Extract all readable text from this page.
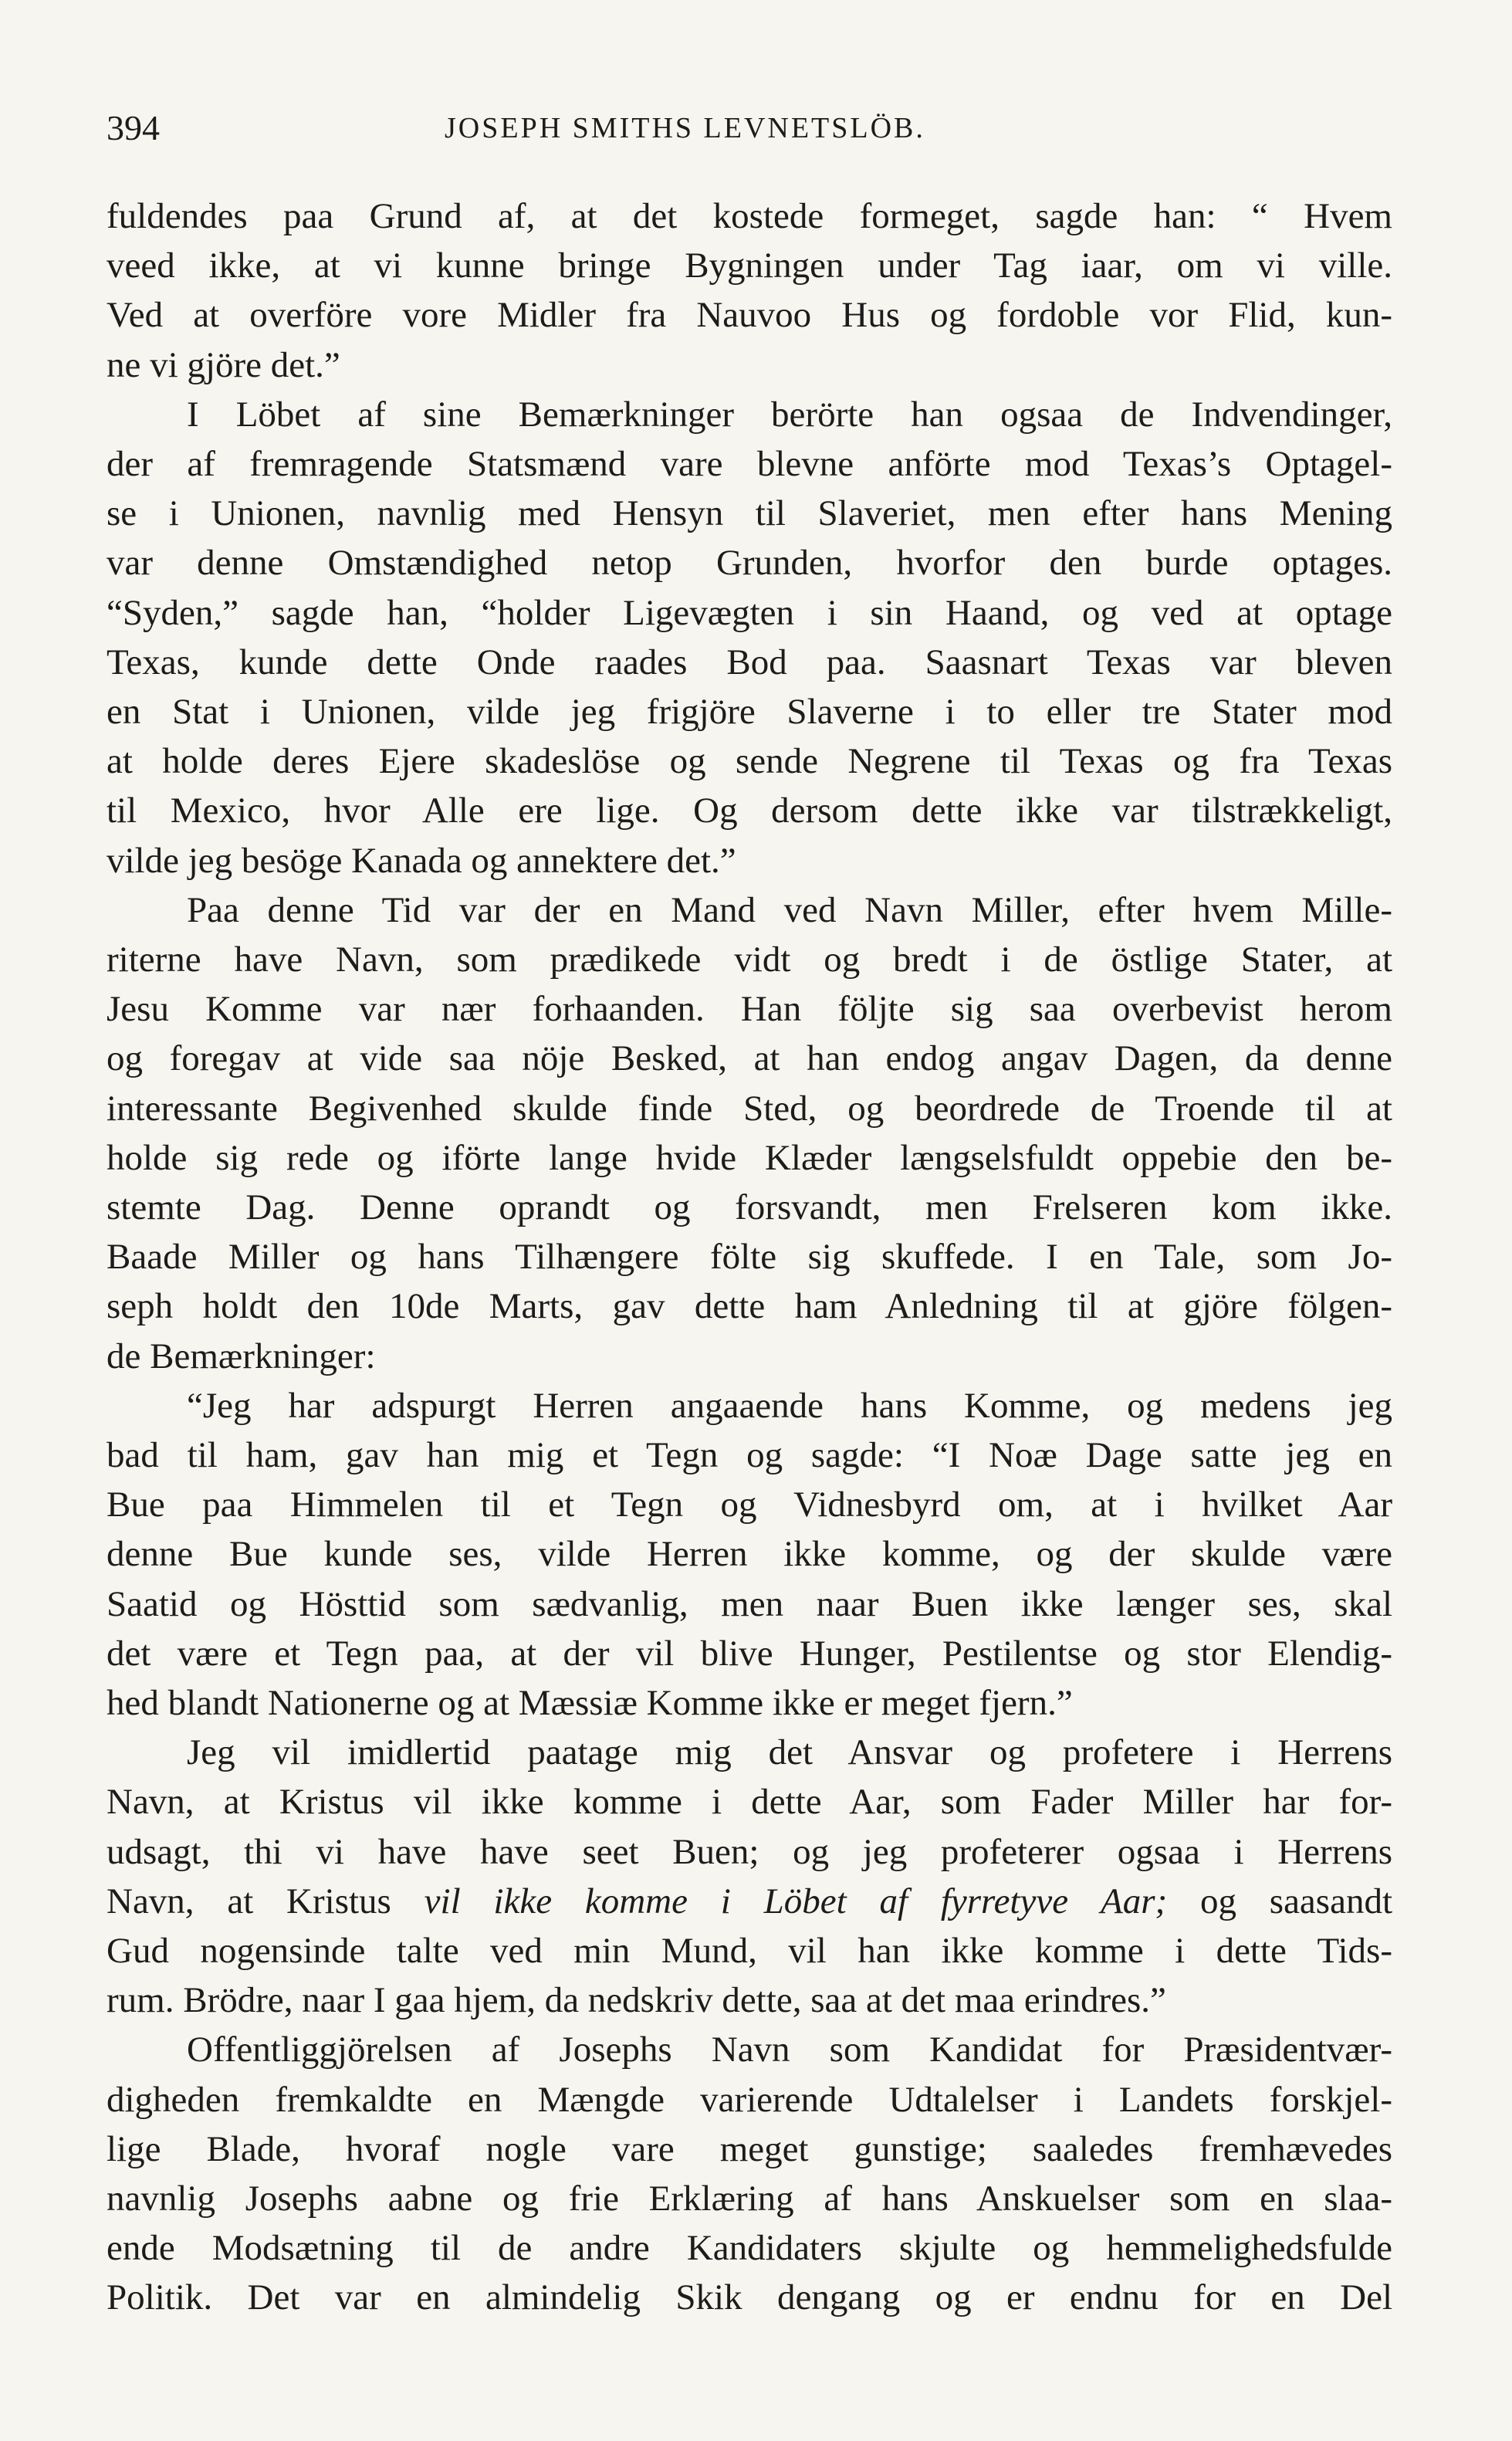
394	JOSEPH SMITHS LEVNETSLÖB.
fuldendes paa Grund af, at det kostede formeget, sagde han: “ Hvem
veed ikke, at vi kunne bringe Bygningen under Tag iaar, om vi ville.
Ved at overföre vore Midler fra Nauvoo Hus og fordoble vor Flid, kun-
ne vi gjöre det.”
I Löbet af sine Bemærkninger berörte han ogsaa de Indvendinger,
der af fremragende Statsmænd vare blevne anförte mod Texas’s Optagel-
se i Unionen, navnlig med Hensyn til Slaveriet, men efter hans Mening
var denne Omstændighed netop Grunden, hvorfor den burde optages.
“Syden,” sagde han, “holder Ligevægten i sin Haand, og ved at optage
Texas, kunde dette Onde raades Bod paa. Saasnart Texas var bleven
en Stat i Unionen, vilde jeg frigjöre Slaverne i to eller tre Stater mod
at holde deres Ejere skadeslöse og sende Negrene til Texas og fra Texas
til Mexico, hvor Alle ere lige. Og dersom dette ikke var tilstrækkeligt,
vilde jeg besöge Kanada og annektere det.”
Paa denne Tid var der en Mand ved Navn Miller, efter hvem Mille-
riterne have Navn, som prædikede vidt og bredt i de östlige Stater, at
Jesu Komme var nær forhaanden. Han följte sig saa overbevist herom
og foregav at vide saa nöje Besked, at han endog angav Dagen, da denne
interessante Begivenhed skulde finde Sted, og beordrede de Troende til at
holde sig rede og iförte lange hvide Klæder længselsfuldt oppebie den be-
stemte Dag. Denne oprandt og forsvandt, men Frelseren kom ikke.
Baade Miller og hans Tilhængere fölte sig skuffede. I en Tale, som Jo-
seph holdt den 10de Marts, gav dette ham Anledning til at gjöre fölgen-
de Bemærkninger:
“Jeg har adspurgt Herren angaaende hans Komme, og medens jeg
bad til ham, gav han mig et Tegn og sagde: “I Noæ Dage satte jeg en
Bue paa Himmelen til et Tegn og Vidnesbyrd om, at i hvilket Aar
denne Bue kunde ses, vilde Herren ikke komme, og der skulde være
Saatid og Hösttid som sædvanlig, men naar Buen ikke længer ses, skal
det være et Tegn paa, at der vil blive Hunger, Pestilentse og stor Elendig-
hed blandt Nationerne og at Mæssiæ Komme ikke er meget fjern.”
Jeg vil imidlertid paatage mig det Ansvar og profetere i Herrens
Navn, at Kristus vil ikke komme i dette Aar, som Fader Miller har for-
udsagt, thi vi have have seet Buen; og jeg profeterer ogsaa i Herrens
Navn, at Kristus vil ikke komme i Löbet af fyrretyve Aar; og saasandt
Gud nogensinde talte ved min Mund, vil han ikke komme i dette Tids-
rum. Brödre, naar I gaa hjem, da nedskriv dette, saa at det maa erindres.”
Offentliggjörelsen af Josephs Navn som Kandidat for Præsidentvær-
digheden fremkaldte en Mængde varierende Udtalelser i Landets forskjel-
lige Blade, hvoraf nogle vare meget gunstige; saaledes fremhævedes
navnlig Josephs aabne og frie Erklæring af hans Anskuelser som en slaa-
ende Modsætning til de andre Kandidaters skjulte og hemmelighedsfulde
Politik. Det var en almindelig Skik dengang og er endnu for en Del
